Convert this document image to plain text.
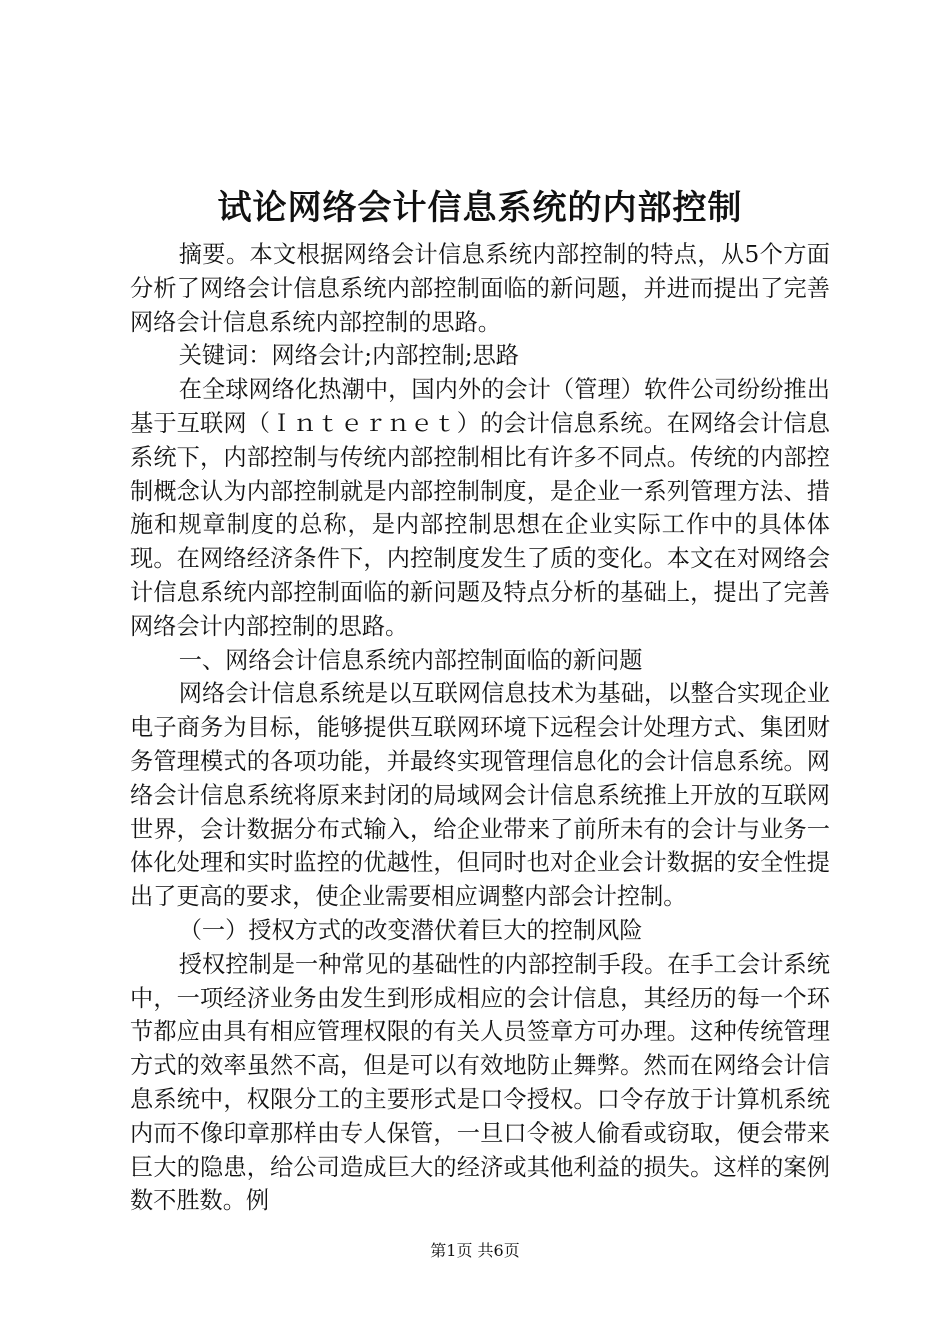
试论网络会计信息系统的内部控制

摘要。本文根据网络会计信息系统内部控制的特点，从5个方面分析了网络会计信息系统内部控制面临的新问题，并进而提出了完善网络会计信息系统内部控制的思路。

关键词：网络会计;内部控制;思路

在全球网络化热潮中，国内外的会计（管理）软件公司纷纷推出基于互联网（Ｉｎｔｅｒｎｅｔ）的会计信息系统。在网络会计信息系统下，内部控制与传统内部控制相比有许多不同点。传统的内部控制概念认为内部控制就是内部控制制度，是企业一系列管理方法、措施和规章制度的总称，是内部控制思想在企业实际工作中的具体体现。在网络经济条件下，内控制度发生了质的变化。本文在对网络会计信息系统内部控制面临的新问题及特点分析的基础上，提出了完善网络会计内部控制的思路。

一、网络会计信息系统内部控制面临的新问题

网络会计信息系统是以互联网信息技术为基础，以整合实现企业电子商务为目标，能够提供互联网环境下远程会计处理方式、集团财务管理模式的各项功能，并最终实现管理信息化的会计信息系统。网络会计信息系统将原来封闭的局域网会计信息系统推上开放的互联网世界，会计数据分布式输入，给企业带来了前所未有的会计与业务一体化处理和实时监控的优越性，但同时也对企业会计数据的安全性提出了更高的要求，使企业需要相应调整内部会计控制。

（一）授权方式的改变潜伏着巨大的控制风险

授权控制是一种常见的基础性的内部控制手段。在手工会计系统中，一项经济业务由发生到形成相应的会计信息，其经历的每一个环节都应由具有相应管理权限的有关人员签章方可办理。这种传统管理方式的效率虽然不高，但是可以有效地防止舞弊。然而在网络会计信息系统中，权限分工的主要形式是口令授权。口令存放于计算机系统内而不像印章那样由专人保管，一旦口令被人偷看或窃取，便会带来巨大的隐患，给公司造成巨大的经济或其他利益的损失。这样的案例数不胜数。例

第1页 共6页
